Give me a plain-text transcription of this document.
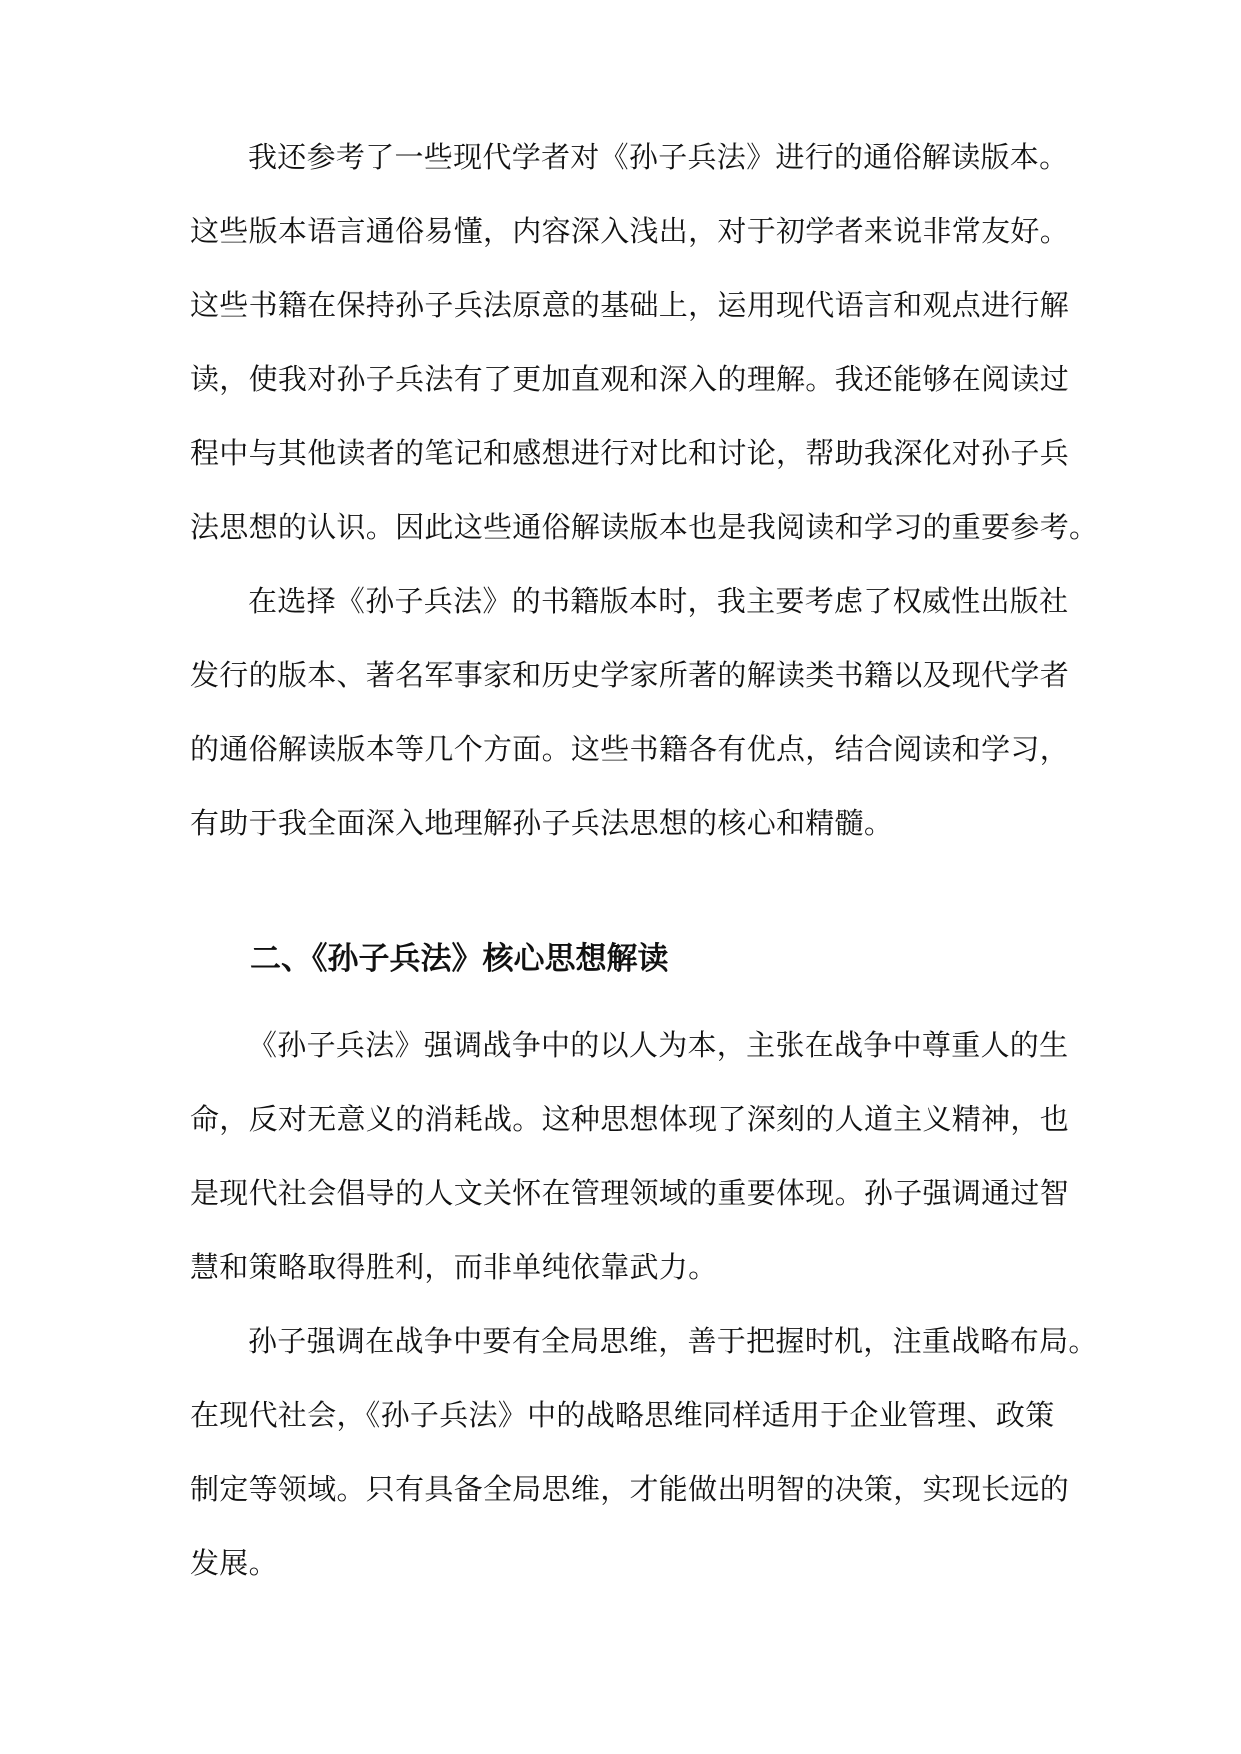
我还参考了一些现代学者对《孙子兵法》进行的通俗解读版本。
这些版本语言通俗易懂，内容深入浅出，对于初学者来说非常友好。
这些书籍在保持孙子兵法原意的基础上，运用现代语言和观点进行解
读，使我对孙子兵法有了更加直观和深入的理解。我还能够在阅读过
程中与其他读者的笔记和感想进行对比和讨论，帮助我深化对孙子兵
法思想的认识。因此这些通俗解读版本也是我阅读和学习的重要参考。
在选择《孙子兵法》的书籍版本时，我主要考虑了权威性出版社
发行的版本、著名军事家和历史学家所著的解读类书籍以及现代学者
的通俗解读版本等几个方面。这些书籍各有优点，结合阅读和学习，
有助于我全面深入地理解孙子兵法思想的核心和精髓。
二、《孙子兵法》核心思想解读
《孙子兵法》强调战争中的以人为本，主张在战争中尊重人的生
命，反对无意义的消耗战。这种思想体现了深刻的人道主义精神，也
是现代社会倡导的人文关怀在管理领域的重要体现。孙子强调通过智
慧和策略取得胜利，而非单纯依靠武力。
孙子强调在战争中要有全局思维，善于把握时机，注重战略布局。
在现代社会，《孙子兵法》中的战略思维同样适用于企业管理、政策
制定等领域。只有具备全局思维，才能做出明智的决策，实现长远的
发展。
